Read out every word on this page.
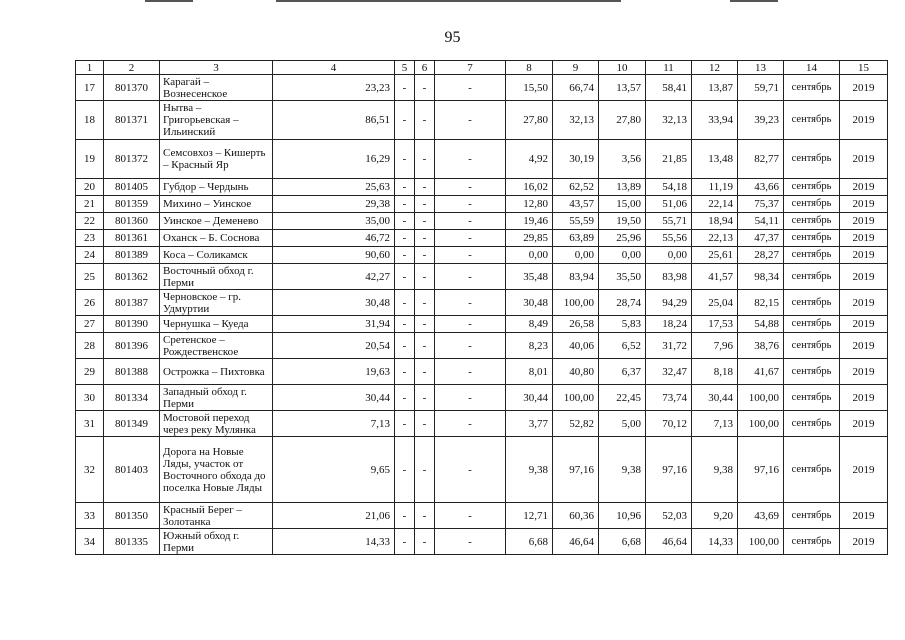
95
1	2	3	4	5	6	7	8	9	10	11	12	13	14	15
17	801370	Карагай – Вознесенское	23,23	-	-	-	15,50	66,74	13,57	58,41	13,87	59,71	сентябрь	2019
18	801371	Нытва – Григорьевская – Ильинский	86,51	-	-	-	27,80	32,13	27,80	32,13	33,94	39,23	сентябрь	2019
19	801372	Семсовхоз – Кишерть – Красный Яр	16,29	-	-	-	4,92	30,19	3,56	21,85	13,48	82,77	сентябрь	2019
20	801405	Губдор – Чердынь	25,63	-	-	-	16,02	62,52	13,89	54,18	11,19	43,66	сентябрь	2019
21	801359	Михино – Уинское	29,38	-	-	-	12,80	43,57	15,00	51,06	22,14	75,37	сентябрь	2019
22	801360	Уинское – Деменево	35,00	-	-	-	19,46	55,59	19,50	55,71	18,94	54,11	сентябрь	2019
23	801361	Оханск – Б. Соснова	46,72	-	-	-	29,85	63,89	25,96	55,56	22,13	47,37	сентябрь	2019
24	801389	Коса – Соликамск	90,60	-	-	-	0,00	0,00	0,00	0,00	25,61	28,27	сентябрь	2019
25	801362	Восточный обход г. Перми	42,27	-	-	-	35,48	83,94	35,50	83,98	41,57	98,34	сентябрь	2019
26	801387	Черновское – гр. Удмуртии	30,48	-	-	-	30,48	100,00	28,74	94,29	25,04	82,15	сентябрь	2019
27	801390	Чернушка – Куеда	31,94	-	-	-	8,49	26,58	5,83	18,24	17,53	54,88	сентябрь	2019
28	801396	Сретенское – Рождественское	20,54	-	-	-	8,23	40,06	6,52	31,72	7,96	38,76	сентябрь	2019
29	801388	Острожка – Пихтовка	19,63	-	-	-	8,01	40,80	6,37	32,47	8,18	41,67	сентябрь	2019
30	801334	Западный обход г. Перми	30,44	-	-	-	30,44	100,00	22,45	73,74	30,44	100,00	сентябрь	2019
31	801349	Мостовой переход через реку Мулянка	7,13	-	-	-	3,77	52,82	5,00	70,12	7,13	100,00	сентябрь	2019
32	801403	Дорога на Новые Ляды, участок от Восточного обхода до поселка Новые Ляды	9,65	-	-	-	9,38	97,16	9,38	97,16	9,38	97,16	сентябрь	2019
33	801350	Красный Берег – Золотанка	21,06	-	-	-	12,71	60,36	10,96	52,03	9,20	43,69	сентябрь	2019
34	801335	Южный обход г. Перми	14,33	-	-	-	6,68	46,64	6,68	46,64	14,33	100,00	сентябрь	2019
